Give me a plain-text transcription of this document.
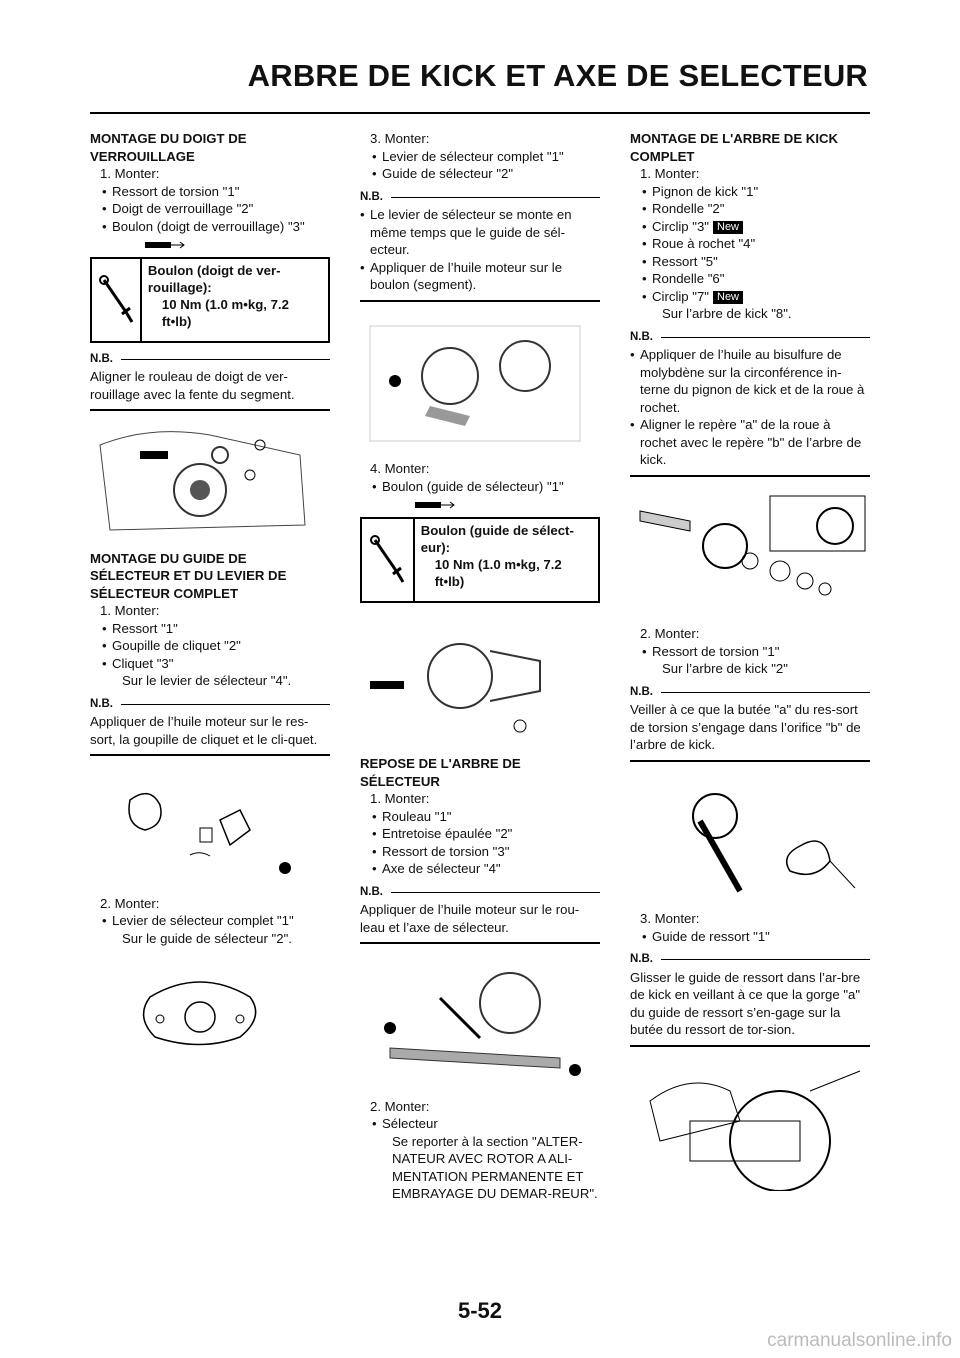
ARBRE DE KICK ET AXE DE SELECTEUR
MONTAGE DU DOIGT DE VERROUILLAGE
1. Monter:
• Ressort de torsion "1"
• Doigt de verrouillage "2"
• Boulon (doigt de verrouillage) "3"
Boulon (doigt de ver-rouillage):
10 Nm (1.0 m•kg, 7.2 ft•lb)
N.B.
Aligner le rouleau de doigt de ver-rouillage avec la fente du segment.
MONTAGE DU GUIDE DE SÉLECTEUR ET DU LEVIER DE SÉLECTEUR COMPLET
1. Monter:
• Ressort "1"
• Goupille de cliquet "2"
• Cliquet "3"
Sur le levier de sélecteur "4".
N.B.
Appliquer de l’huile moteur sur le res-sort, la goupille de cliquet et le cli-quet.
2. Monter:
• Levier de sélecteur complet "1"
Sur le guide de sélecteur "2".
3. Monter:
• Levier de sélecteur complet "1"
• Guide de sélecteur "2"
N.B.
• Le levier de sélecteur se monte en même temps que le guide de sél-ecteur.
• Appliquer de l’huile moteur sur le boulon (segment).
4. Monter:
• Boulon (guide de sélecteur) "1"
Boulon (guide de sélect-eur):
10 Nm (1.0 m•kg, 7.2 ft•lb)
REPOSE DE L'ARBRE DE SÉLECTEUR
1. Monter:
• Rouleau "1"
• Entretoise épaulée "2"
• Ressort de torsion "3"
• Axe de sélecteur "4"
N.B.
Appliquer de l’huile moteur sur le rou-leau et l’axe de sélecteur.
2. Monter:
• Sélecteur
Se reporter à la section "ALTER-NATEUR AVEC ROTOR A ALI-MENTATION PERMANENTE ET EMBRAYAGE DU DEMAR-REUR".
MONTAGE DE L'ARBRE DE KICK COMPLET
1. Monter:
• Pignon de kick "1"
• Rondelle "2"
• Circlip "3" New
• Roue à rochet "4"
• Ressort "5"
• Rondelle "6"
• Circlip "7" New
Sur l’arbre de kick "8".
N.B.
• Appliquer de l’huile au bisulfure de molybdène sur la circonférence in-terne du pignon de kick et de la roue à rochet.
• Aligner le repère "a" de la roue à rochet avec le repère "b" de l’arbre de kick.
2. Monter:
• Ressort de torsion "1"
Sur l’arbre de kick "2"
N.B.
Veiller à ce que la butée "a" du res-sort de torsion s’engage dans l’orifice "b" de l’arbre de kick.
3. Monter:
• Guide de ressort "1"
N.B.
Glisser le guide de ressort dans l’ar-bre de kick en veillant à ce que la gorge "a" du guide de ressort s’en-gage sur la butée du ressort de tor-sion.
5-52
carmanualsonline.info
